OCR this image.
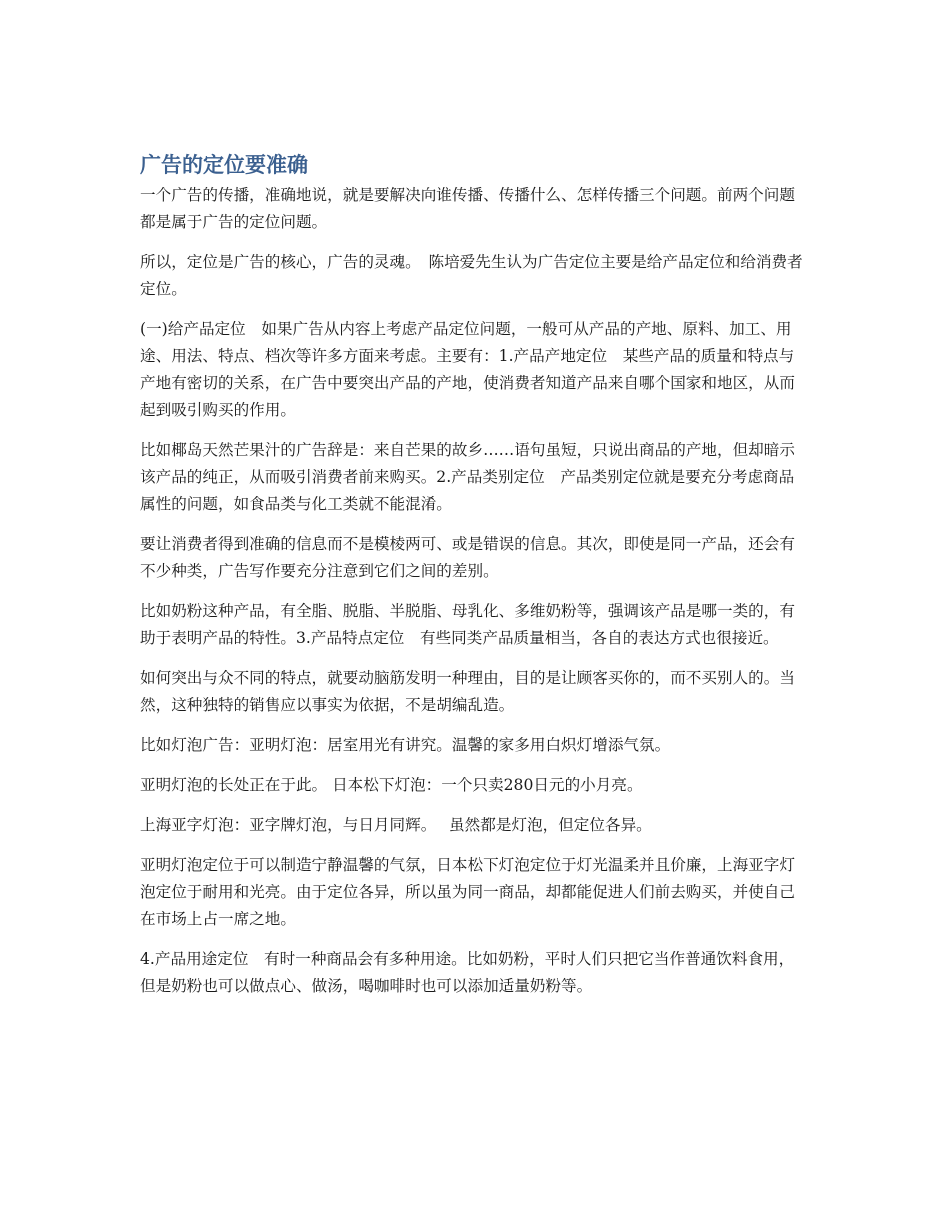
广告的定位要准确

一个广告的传播，准确地说，就是要解决向谁传播、传播什么、怎样传播三个问题。前两个问题都是属于广告的定位问题。

所以，定位是广告的核心，广告的灵魂。　陈培爱先生认为广告定位主要是给产品定位和给消费者定位。

(一)给产品定位　如果广告从内容上考虑产品定位问题，一般可从产品的产地、原料、加工、用途、用法、特点、档次等许多方面来考虑。主要有：1.产品产地定位　某些产品的质量和特点与产地有密切的关系，在广告中要突出产品的产地，使消费者知道产品来自哪个国家和地区，从而起到吸引购买的作用。

比如椰岛天然芒果汁的广告辞是：来自芒果的故乡……语句虽短，只说出商品的产地，但却暗示该产品的纯正，从而吸引消费者前来购买。2.产品类别定位　产品类别定位就是要充分考虑商品属性的问题，如食品类与化工类就不能混淆。

要让消费者得到准确的信息而不是模棱两可、或是错误的信息。其次，即使是同一产品，还会有不少种类，广告写作要充分注意到它们之间的差别。

比如奶粉这种产品，有全脂、脱脂、半脱脂、母乳化、多维奶粉等，强调该产品是哪一类的，有助于表明产品的特性。3.产品特点定位　有些同类产品质量相当，各自的表达方式也很接近。

如何突出与众不同的特点，就要动脑筋发明一种理由，目的是让顾客买你的，而不买别人的。当然，这种独特的销售应以事实为依据，不是胡编乱造。

比如灯泡广告：亚明灯泡：居室用光有讲究。温馨的家多用白炽灯增添气氛。

亚明灯泡的长处正在于此。 日本松下灯泡：一个只卖280日元的小月亮。

上海亚字灯泡：亚字牌灯泡，与日月同辉。　 虽然都是灯泡，但定位各异。

亚明灯泡定位于可以制造宁静温馨的气氛，日本松下灯泡定位于灯光温柔并且价廉，上海亚字灯泡定位于耐用和光亮。由于定位各异，所以虽为同一商品，却都能促进人们前去购买，并使自己在市场上占一席之地。

4.产品用途定位　有时一种商品会有多种用途。比如奶粉，平时人们只把它当作普通饮料食用，但是奶粉也可以做点心、做汤，喝咖啡时也可以添加适量奶粉等。
